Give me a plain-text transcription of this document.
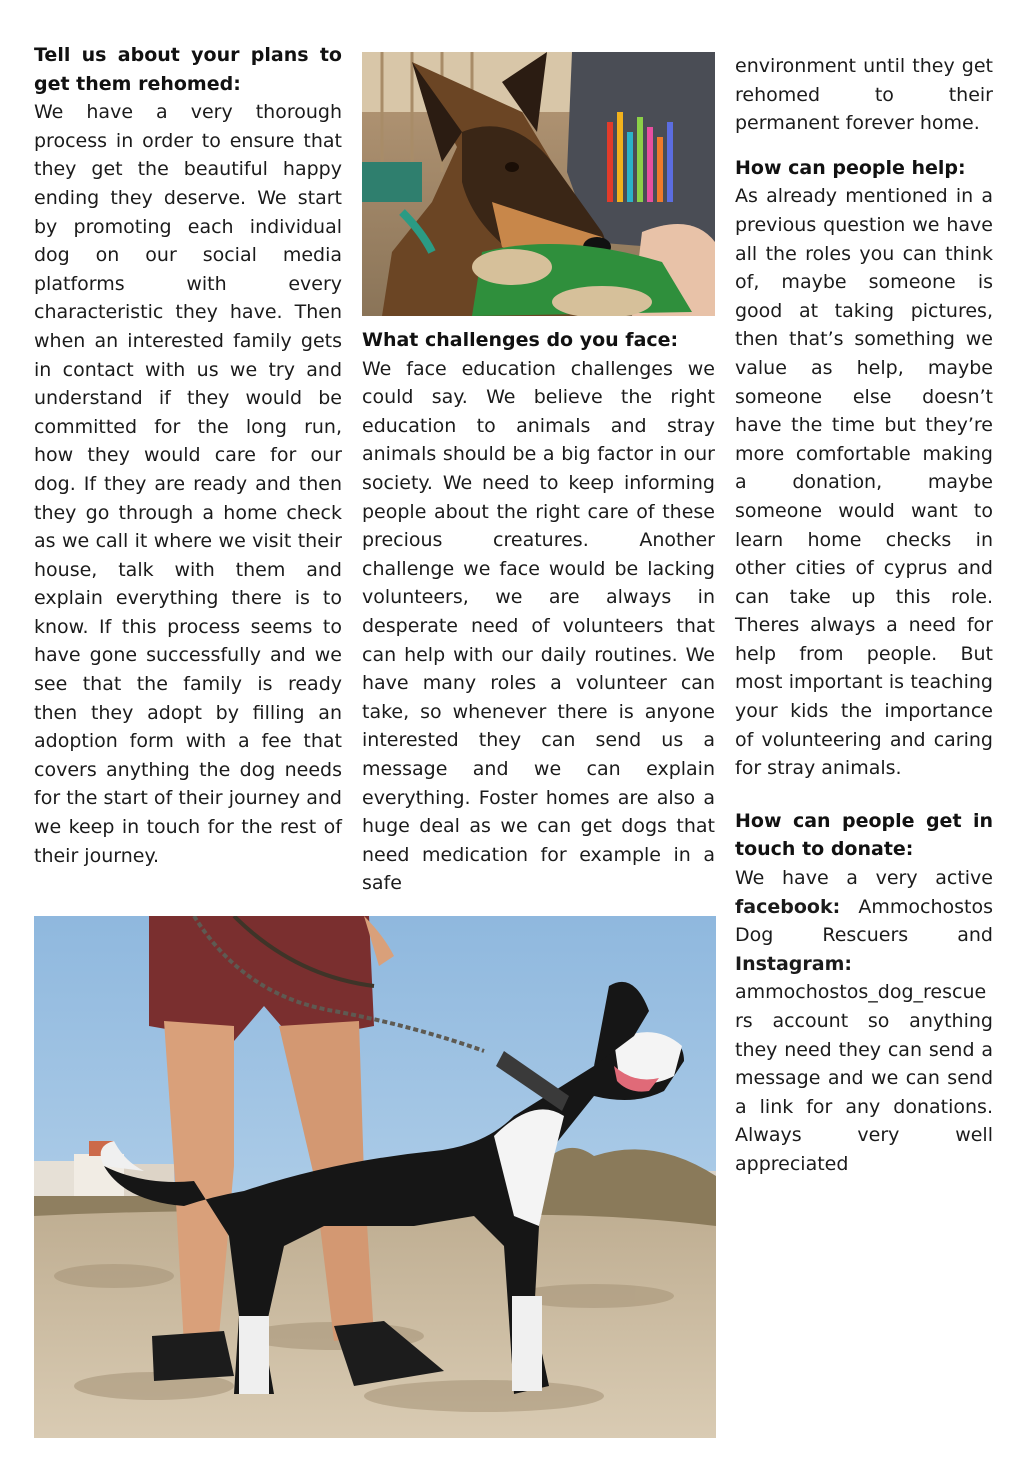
Tell us about your plans to get them rehomed:

We have a very thorough process in order to ensure that they get the beautiful happy ending they deserve. We start by promoting each individual dog on our social media platforms with every characteristic they have. Then when an interested family gets in contact with us we try and understand if they would be committed for the long run, how they would care for our dog. If they are ready and then they go through a home check as we call it where we visit their house, talk with them and explain everything there is to know. If this process seems to have gone successfully and we see that the family is ready then they adopt by filling an adoption form with a fee that covers anything the dog needs for the start of their journey and we keep in touch for the rest of their journey.

What challenges do you face:

We face education challenges we could say. We believe the right education to animals and stray animals should be a big factor in our society. We need to keep informing people about the right care of these precious creatures. Another challenge we face would be lacking volunteers, we are always in desperate need of volunteers that can help with our daily routines. We have many roles a volunteer can take, so whenever there is anyone interested they can send us a message and we can explain everything. Foster homes are also a huge deal as we can get dogs that need medication for example in a safe

environment until they get rehomed to their permanent forever home.

How can people help:

As already mentioned in a previous question we have all the roles you can think of, maybe someone is good at taking pictures, then that’s something we value as help, maybe someone else doesn’t have the time but they’re more comfortable making a donation, maybe someone would want to learn home checks in other cities of cyprus and can take up this role. Theres always a need for help from people. But most important is teaching your kids the importance of volunteering and caring for stray animals.

How can people get in touch to donate:

We have a very active facebook: Ammochostos Dog Rescuers and Instagram:
ammochostos_dog_rescuers account so anything they need they can send a message and we can send a link for any donations. Always very well appreciated
